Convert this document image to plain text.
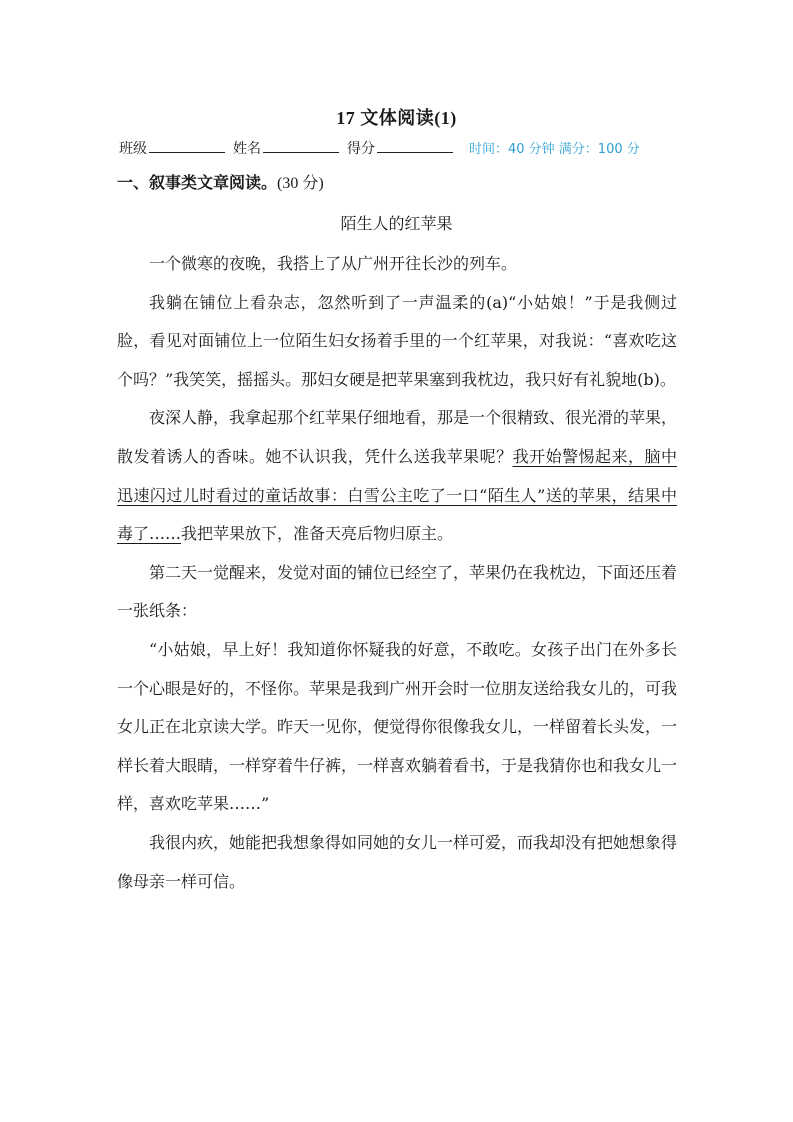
17 文体阅读(1)
班级	姓名	得分	时间：40 分钟 满分：100 分
一、叙事类文章阅读。(30 分)
陌生人的红苹果

一个微寒的夜晚，我搭上了从广州开往长沙的列车。

我躺在铺位上看杂志，忽然听到了一声温柔的(a)“小姑娘！”于是我侧过脸，看见对面铺位上一位陌生妇女扬着手里的一个红苹果，对我说：“喜欢吃这个吗？”我笑笑，摇摇头。那妇女硬是把苹果塞到我枕边，我只好有礼貌地(b)。

夜深人静，我拿起那个红苹果仔细地看，那是一个很精致、很光滑的苹果，散发着诱人的香味。她不认识我，凭什么送我苹果呢？我开始警惕起来，脑中迅速闪过儿时看过的童话故事：白雪公主吃了一口“陌生人”送的苹果，结果中毒了……我把苹果放下，准备天亮后物归原主。

第二天一觉醒来，发觉对面的铺位已经空了，苹果仍在我枕边，下面还压着一张纸条：

“小姑娘，早上好！我知道你怀疑我的好意，不敢吃。女孩子出门在外多长一个心眼是好的，不怪你。苹果是我到广州开会时一位朋友送给我女儿的，可我女儿正在北京读大学。昨天一见你，便觉得你很像我女儿，一样留着长头发，一样长着大眼睛，一样穿着牛仔裤，一样喜欢躺着看书，于是我猜你也和我女儿一样，喜欢吃苹果……”

我很内疚，她能把我想象得如同她的女儿一样可爱，而我却没有把她想象得像母亲一样可信。
